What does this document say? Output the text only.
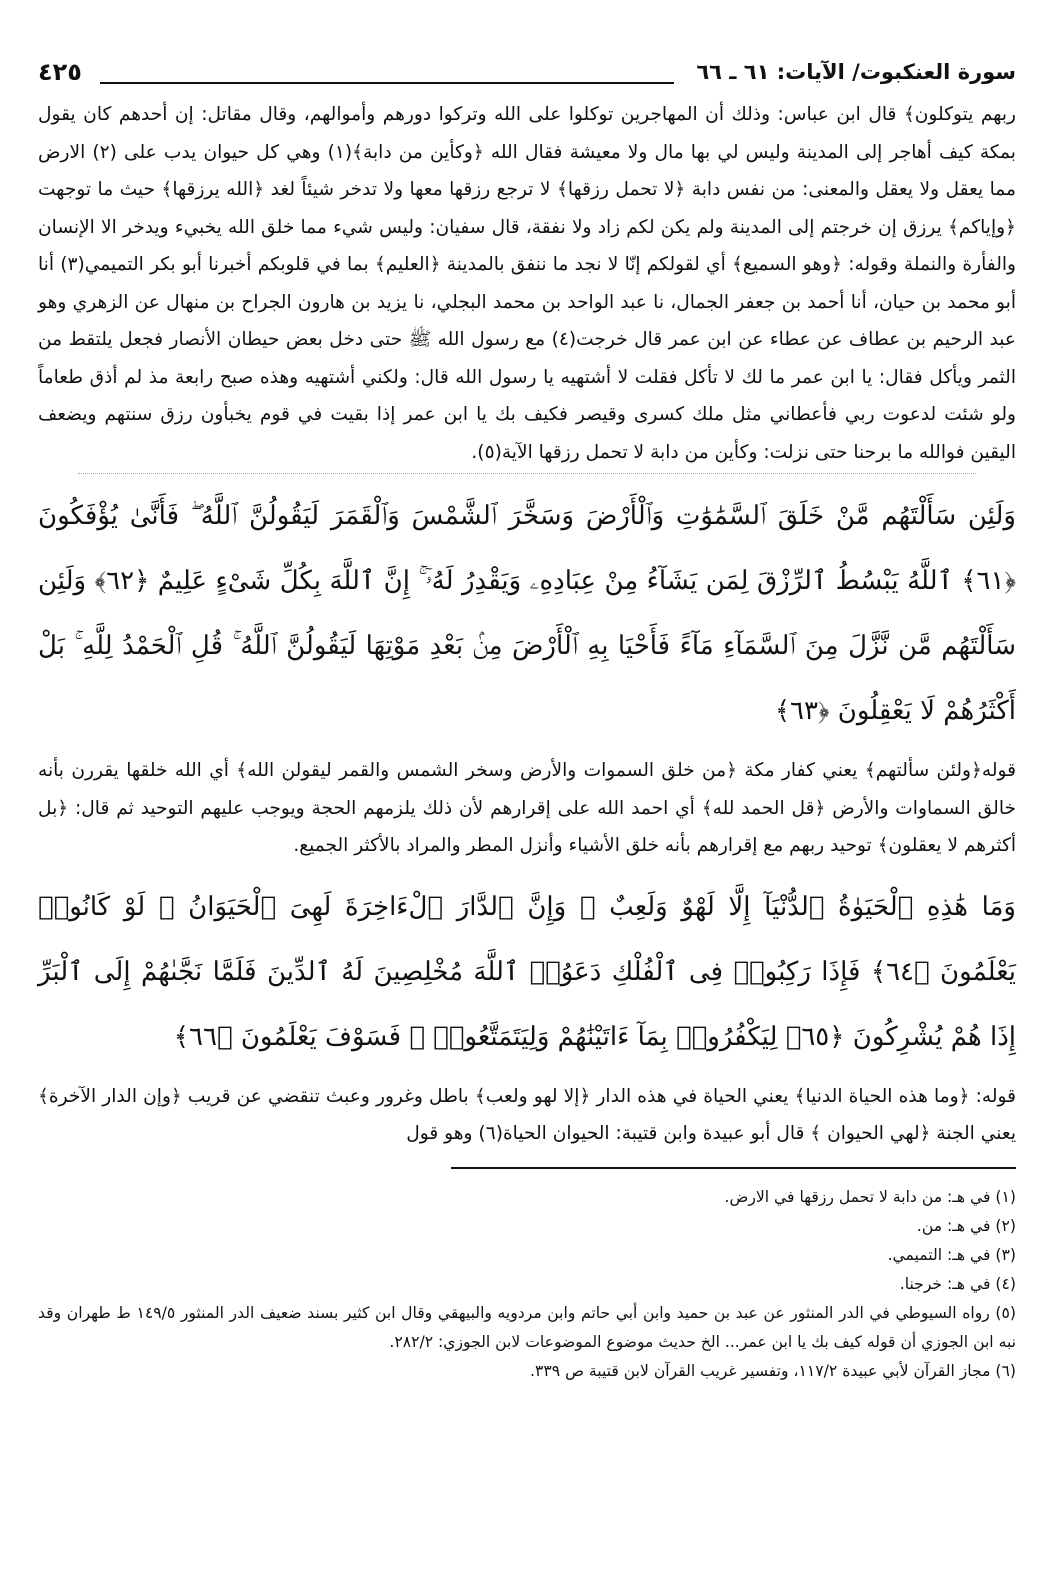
سورة العنكبوت/ الآيات: ٦١ ـ ٦٦
٤٢٥

ربهم يتوكلون﴾ قال ابن عباس: وذلك أن المهاجرين توكلوا على الله وتركوا دورهم وأموالهم، وقال مقاتل: إن أحدهم كان يقول بمكة كيف أهاجر إلى المدينة وليس لي بها مال ولا معيشة فقال الله ﴿وكأين من دابة﴾(١) وهي كل حيوان يدب على (٢) الارض مما يعقل ولا يعقل والمعنى: من نفس دابة ﴿لا تحمل رزقها﴾ لا ترجع رزقها معها ولا تدخر شيئاً لغد ﴿الله يرزقها﴾ حيث ما توجهت ﴿وإياكم﴾ يرزق إن خرجتم إلى المدينة ولم يكن لكم زاد ولا نفقة، قال سفيان: وليس شيء مما خلق الله يخبيء ويدخر الا الإنسان والفأرة والنملة وقوله: ﴿وهو السميع﴾ أي لقولكم إنّا لا نجد ما ننفق بالمدينة ﴿العليم﴾ بما في قلوبكم أخبرنا أبو بكر التميمي(٣) أنا أبو محمد بن حيان، أنا أحمد بن جعفر الجمال، نا عبد الواحد بن محمد البجلي، نا يزيد بن هارون الجراح بن منهال عن الزهري وهو عبد الرحيم بن عطاف عن عطاء عن ابن عمر قال خرجت(٤) مع رسول الله ﷺ حتى دخل بعض حيطان الأنصار فجعل يلتقط من الثمر ويأكل فقال: يا ابن عمر ما لك لا تأكل فقلت لا أشتهيه يا رسول الله قال: ولكني أشتهيه وهذه صبح رابعة مذ لم أذق طعاماً ولو شئت لدعوت ربي فأعطاني مثل ملك كسرى وقيصر فكيف بك يا ابن عمر إذا بقيت في قوم يخبأون رزق سنتهم ويضعف اليقين فوالله ما برحنا حتى نزلت: وكأين من دابة لا تحمل رزقها الآية(٥).

وَلَئِن سَأَلْتَهُم مَّنْ خَلَقَ ٱلسَّمَٰوَٰتِ وَٱلْأَرْضَ وَسَخَّرَ ٱلشَّمْسَ وَٱلْقَمَرَ لَيَقُولُنَّ ٱللَّهُ ۖ فَأَنَّىٰ يُؤْفَكُونَ ﴿٦١﴾ ٱللَّهُ يَبْسُطُ ٱلرِّزْقَ لِمَن يَشَآءُ مِنْ عِبَادِهِۦ وَيَقْدِرُ لَهُۥٓ ۚ إِنَّ ٱللَّهَ بِكُلِّ شَىْءٍ عَلِيمٌ ﴿٦٢﴾ وَلَئِن سَأَلْتَهُم مَّن نَّزَّلَ مِنَ ٱلسَّمَآءِ مَآءً فَأَحْيَا بِهِ ٱلْأَرْضَ مِنۢ بَعْدِ مَوْتِهَا لَيَقُولُنَّ ٱللَّهُ ۚ قُلِ ٱلْحَمْدُ لِلَّهِ ۚ بَلْ أَكْثَرُهُمْ لَا يَعْقِلُونَ ﴿٦٣﴾

قوله﴿ولئن سألتهم﴾ يعني كفار مكة ﴿من خلق السموات والأرض وسخر الشمس والقمر ليقولن الله﴾ أي الله خلقها يقررن بأنه خالق السماوات والأرض ﴿قل الحمد لله﴾ أي احمد الله على إقرارهم لأن ذلك يلزمهم الحجة ويوجب عليهم التوحيد ثم قال: ﴿بل أكثرهم لا يعقلون﴾ توحيد ربهم مع إقرارهم بأنه خلق الأشياء وأنزل المطر والمراد بالأكثر الجميع.

وَمَا هَٰذِهِ ٱلْحَيَوٰةُ ٱلدُّنْيَآ إِلَّا لَهْوٌ وَلَعِبٌ ۚ وَإِنَّ ٱلدَّارَ ٱلْءَاخِرَةَ لَهِىَ ٱلْحَيَوَانُ ۚ لَوْ كَانُوا۟ يَعْلَمُونَ ﴿٦٤﴾ فَإِذَا رَكِبُوا۟ فِى ٱلْفُلْكِ دَعَوُا۟ ٱللَّهَ مُخْلِصِينَ لَهُ ٱلدِّينَ فَلَمَّا نَجَّىٰهُمْ إِلَى ٱلْبَرِّ إِذَا هُمْ يُشْرِكُونَ ﴿٦٥﴾ لِيَكْفُرُوا۟ بِمَآ ءَاتَيْنَٰهُمْ وَلِيَتَمَتَّعُوا۟ ۖ فَسَوْفَ يَعْلَمُونَ ﴿٦٦﴾

قوله: ﴿وما هذه الحياة الدنيا﴾ يعني الحياة في هذه الدار ﴿إلا لهو ولعب﴾ باطل وغرور وعبث تنقضي عن قريب ﴿وإن الدار الآخرة﴾ يعني الجنة ﴿لهي الحيوان ﴾ قال أبو عبيدة وابن قتيبة: الحيوان الحياة(٦) وهو قول

(١) في هـ: من دابة لا تحمل رزقها في الارض.

(٢) في هـ: من.

(٣) في هـ: التميمي.

(٤) في هـ: خرجنا.

(٥) رواه السيوطي في الدر المنثور عن عبد بن حميد وابن أبي حاتم وابن مردويه والبيهقي وقال ابن كثير بسند ضعيف الدر المنثور ١٤٩/٥ ط طهران وقد نبه ابن الجوزي أن قوله كيف بك يا ابن عمر... الخ حديث موضوع الموضوعات لابن الجوزي: ٢٨٢/٢.

(٦) مجاز القرآن لأبي عبيدة ١١٧/٢، وتفسير غريب القرآن لابن قتيبة ص ٣٣٩.
